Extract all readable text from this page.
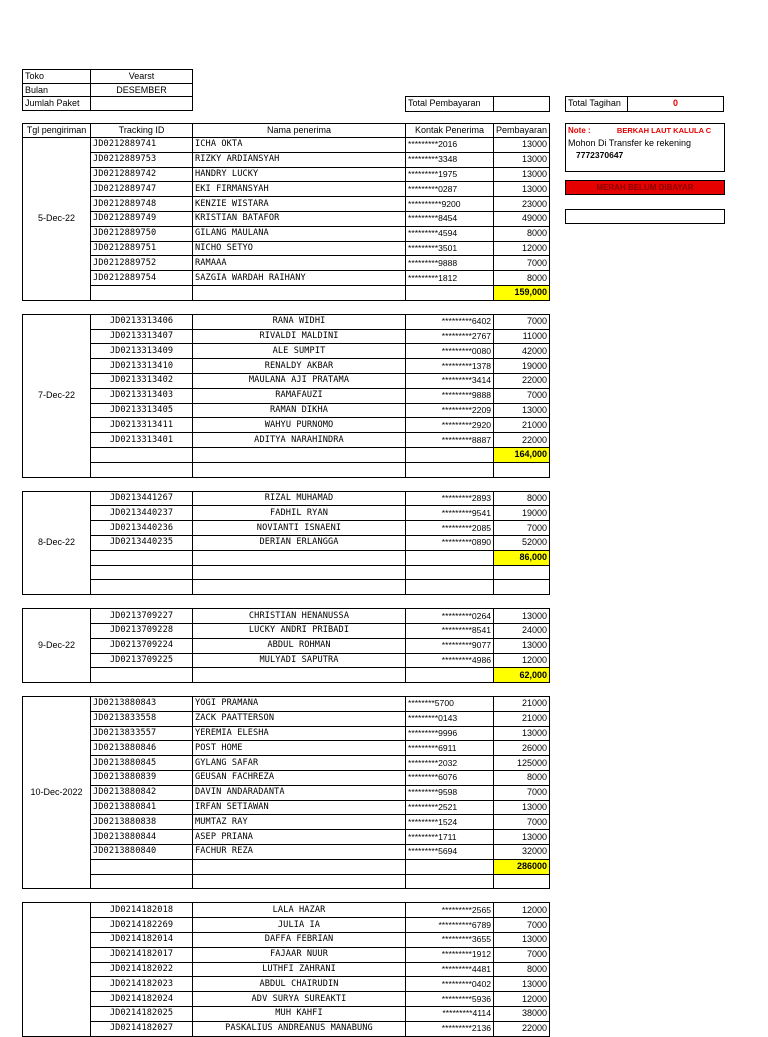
Toko	Vearst
Bulan	DESEMBER
Jumlah Paket		Total Pembayaran		Total Tagihan	0
Note :	BERKAH LAUT KALULA C
Mohon Di Transfer ke rekening
7772370647
MERAH BELUM DIBAYAR
Tgl pengiriman	Tracking ID	Nama penerima	Kontak Penerima	Pembayaran
5-Dec-22	JD0212889741	ICHA OKTA	*********2016	13000
	JD0212889753	RIZKY ARDIANSYAH	*********3348	13000
	JD0212889742	HANDRY LUCKY	*********1975	13000
	JD0212889747	EKI FIRMANSYAH	*********0287	13000
	JD0212889748	KENZIE WISTARA	**********9200	23000
	JD0212889749	KRISTIAN BATAFOR	*********8454	49000
	JD0212889750	GILANG MAULANA	*********4594	8000
	JD0212889751	NICHO SETYO	*********3501	12000
	JD0212889752	RAMAAA	*********9888	7000
	JD0212889754	SAZGIA WARDAH RAIHANY	*********1812	8000
				159,000

7-Dec-22	JD0213313406	RANA WIDHI	*********6402	7000
	JD0213313407	RIVALDI MALDINI	*********2767	11000
	JD0213313409	ALE SUMPIT	*********0080	42000
	JD0213313410	RENALDY AKBAR	*********1378	19000
	JD0213313402	MAULANA AJI PRATAMA	*********3414	22000
	JD0213313403	RAMAFAUZI	*********9888	7000
	JD0213313405	RAMAN DIKHA	*********2209	13000
	JD0213313411	WAHYU PURNOMO	*********2920	21000
	JD0213313401	ADITYA NARAHINDRA	*********8887	22000
				164,000

8-Dec-22	JD0213441267	RIZAL MUHAMAD	*********2893	8000
	JD0213440237	FADHIL RYAN	*********9541	19000
	JD0213440236	NOVIANTI ISNAENI	*********2085	7000
	JD0213440235	DERIAN ERLANGGA	*********0890	52000
				86,000

9-Dec-22	JD0213709227	CHRISTIAN HENANUSSA	*********0264	13000
	JD0213709228	LUCKY ANDRI PRIBADI	*********8541	24000
	JD0213709224	ABDUL ROHMAN	*********9077	13000
	JD0213709225	MULYADI SAPUTRA	*********4986	12000
				62,000

10-Dec-2022	JD0213880843	YOGI PRAMANA	********5700	21000
	JD0213833558	ZACK PAATTERSON	*********0143	21000
	JD0213833557	YEREMIA ELESHA	*********9996	13000
	JD0213880846	POST HOME	*********6911	26000
	JD0213880845	GYLANG SAFAR	*********2032	125000
	JD0213880839	GEUSAN FACHREZA	*********6076	8000
	JD0213880842	DAVIN ANDARADANTA	*********9598	7000
	JD0213880841	IRFAN SETIAWAN	*********2521	13000
	JD0213880838	MUMTAZ RAY	*********1524	7000
	JD0213880844	ASEP PRIANA	*********1711	13000
	JD0213880840	FACHUR REZA	*********5694	32000
				286000

	JD0214182018	LALA HAZAR	*********2565	12000
	JD0214182269	JULIA IA	**********6789	7000
	JD0214182014	DAFFA FEBRIAN	*********3655	13000
	JD0214182017	FAJAAR NUUR	*********1912	7000
	JD0214182022	LUTHFI ZAHRANI	*********4481	8000
	JD0214182023	ABDUL CHAIRUDIN	*********0402	13000
	JD0214182024	ADV SURYA SUREAKTI	*********5936	12000
	JD0214182025	MUH KAHFI	*********4114	38000
	JD0214182027	PASKALIUS ANDREANUS MANABUNG	*********2136	22000
